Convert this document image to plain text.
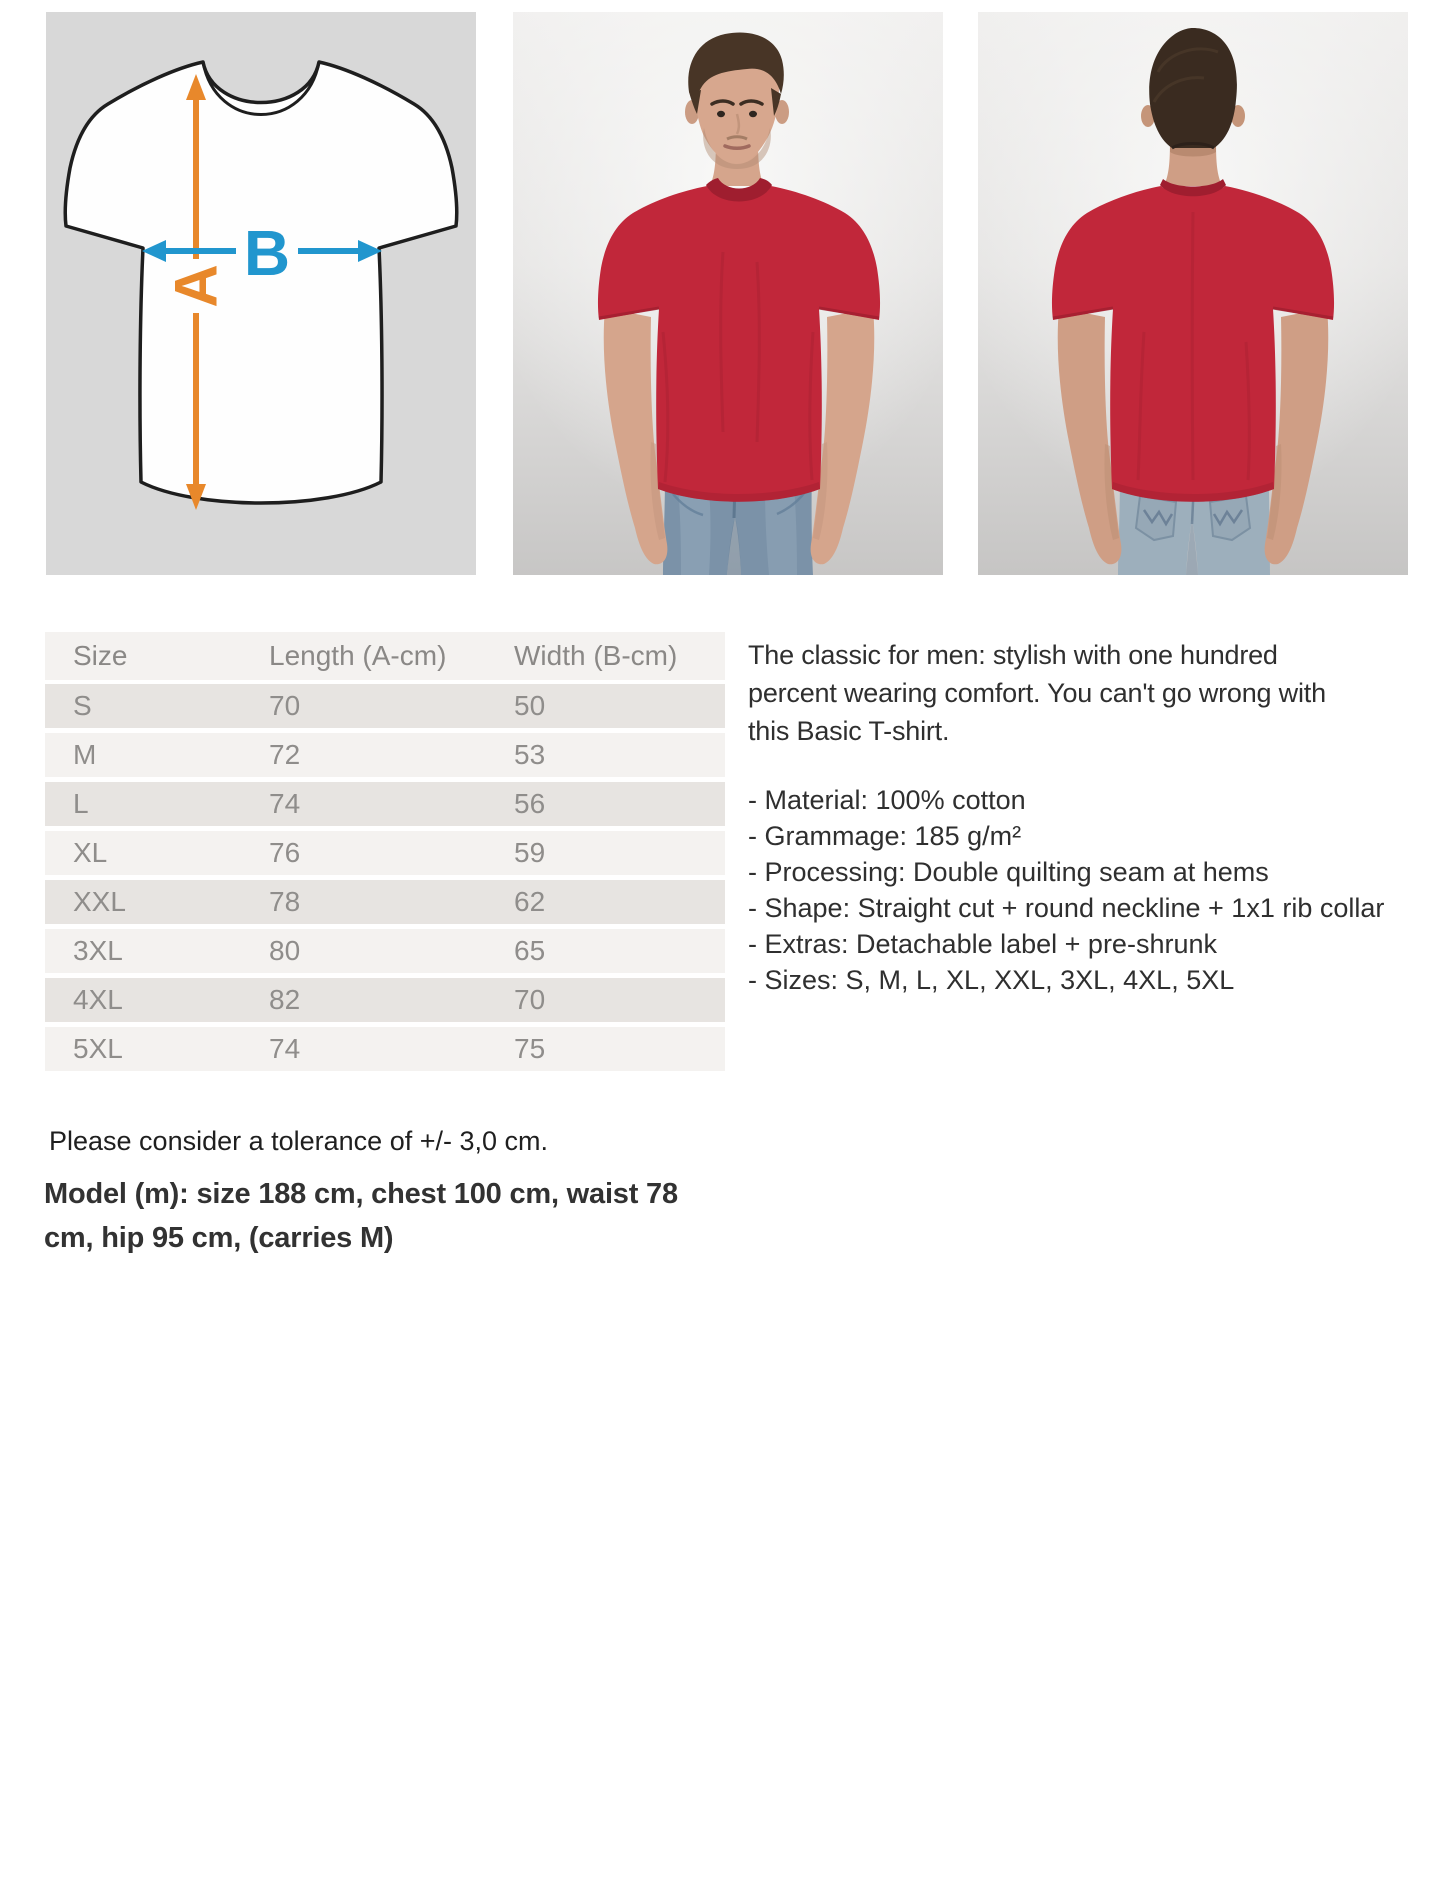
A B
Size	Length (A-cm)	Width (B-cm)
S	70	50
M	72	53
L	74	56
XL	76	59
XXL	78	62
3XL	80	65
4XL	82	70
5XL	74	75
The classic for men: stylish with one hundred percent wearing comfort. You can't go wrong with this Basic T-shirt.
- Material: 100% cotton
- Grammage: 185 g/m²
- Processing: Double quilting seam at hems
- Shape: Straight cut + round neckline + 1x1 rib collar
- Extras: Detachable label + pre-shrunk
- Sizes: S, M, L, XL, XXL, 3XL, 4XL, 5XL
Please consider a tolerance of +/- 3,0 cm.
Model (m): size 188 cm, chest 100 cm, waist 78 cm, hip 95 cm, (carries M)
